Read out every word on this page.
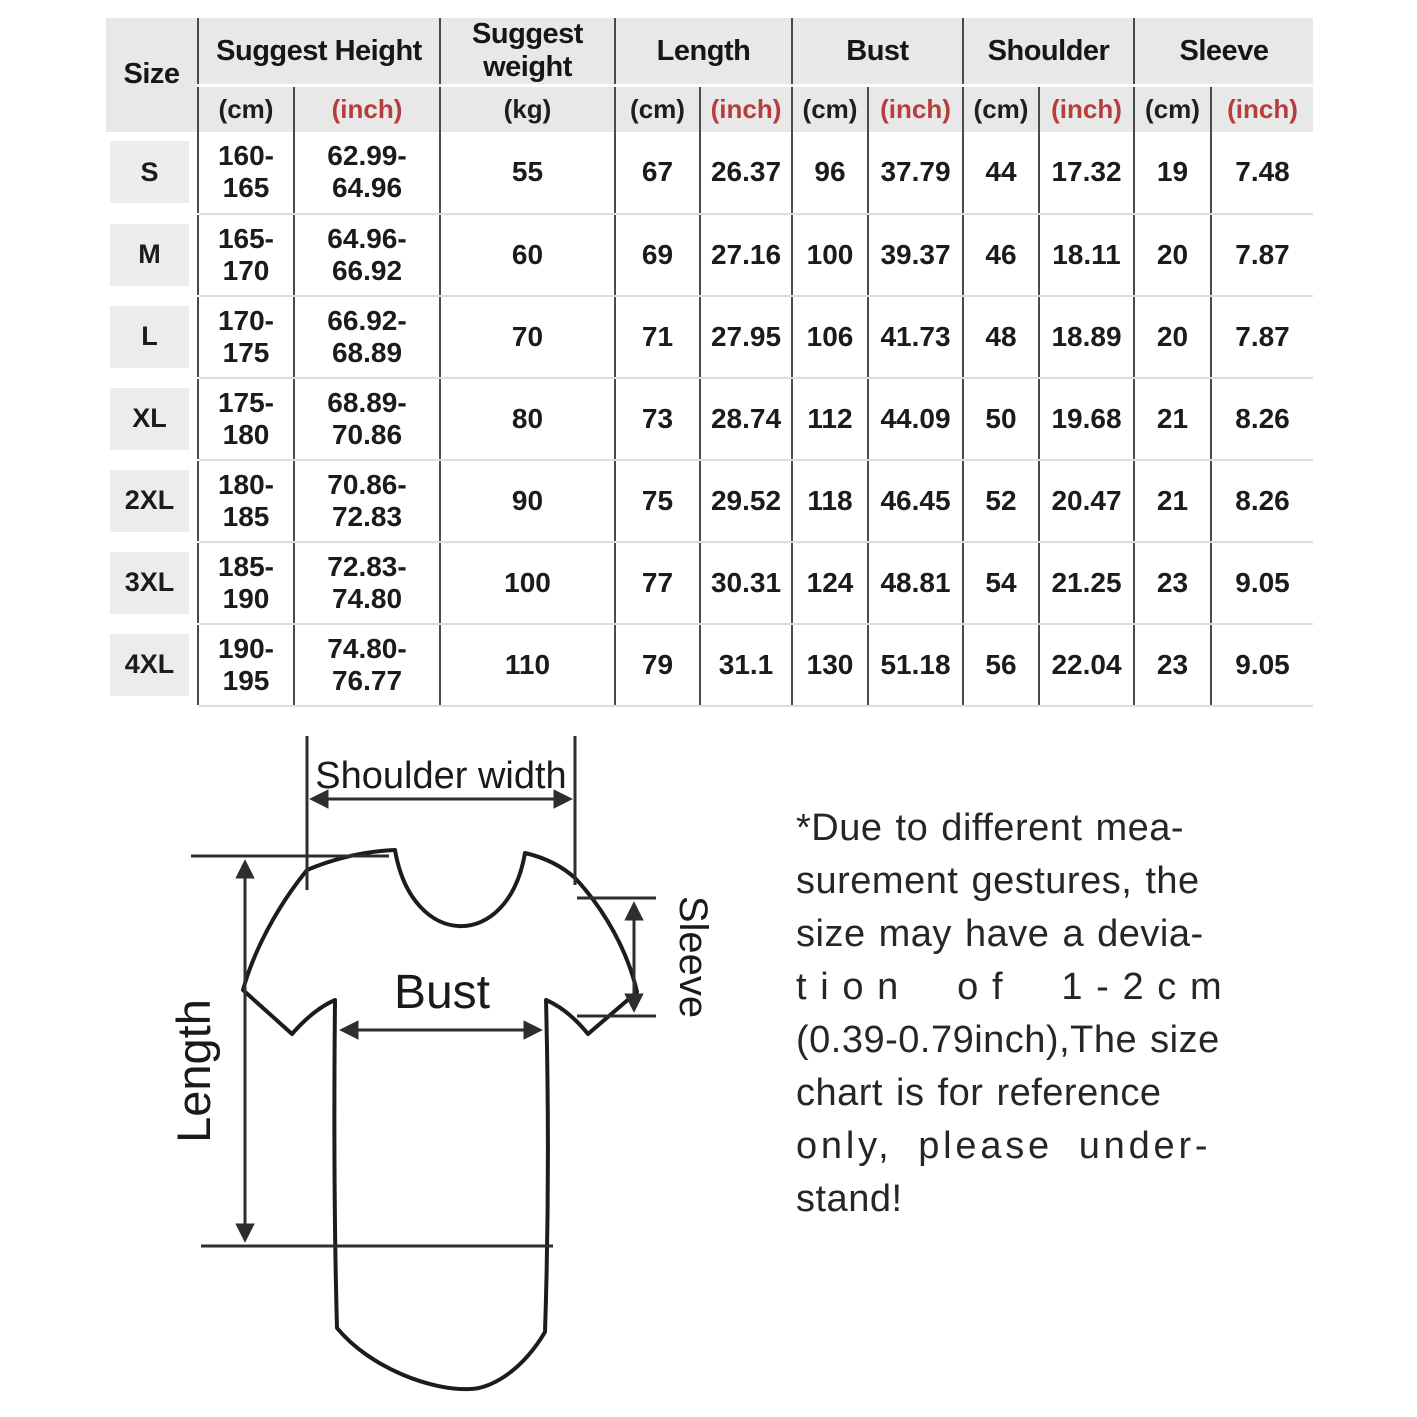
Size	Suggest Height		Suggest weight	Length		Bust		Shoulder		Sleeve	
	(cm)	(inch)	(kg)	(cm)	(inch)	(cm)	(inch)	(cm)	(inch)	(cm)	(inch)

S	160-165	62.99-64.96	55	67	26.37	96	37.79	44	17.32	19	7.48

M	165-170	64.96-66.92	60	69	27.16	100	39.37	46	18.11	20	7.87

L	170-175	66.92-68.89	70	71	27.95	106	41.73	48	18.89	20	7.87

XL	175-180	68.89-70.86	80	73	28.74	112	44.09	50	19.68	21	8.26

2XL	180-185	70.86-72.83	90	75	29.52	118	46.45	52	20.47	21	8.26

3XL	185-190	72.83-74.80	100	77	30.31	124	48.81	54	21.25	23	9.05

4XL	190-195	74.80-76.77	110	79	31.1	130	51.18	56	22.04	23	9.05
Shoulder width
Length
Bust	Sleeve
*Due to different mea-
surement gestures, the
size may have a devia-
tion of 1-2cm
(0.39-0.79inch),The size
chart is for reference
only, please under-
stand!
